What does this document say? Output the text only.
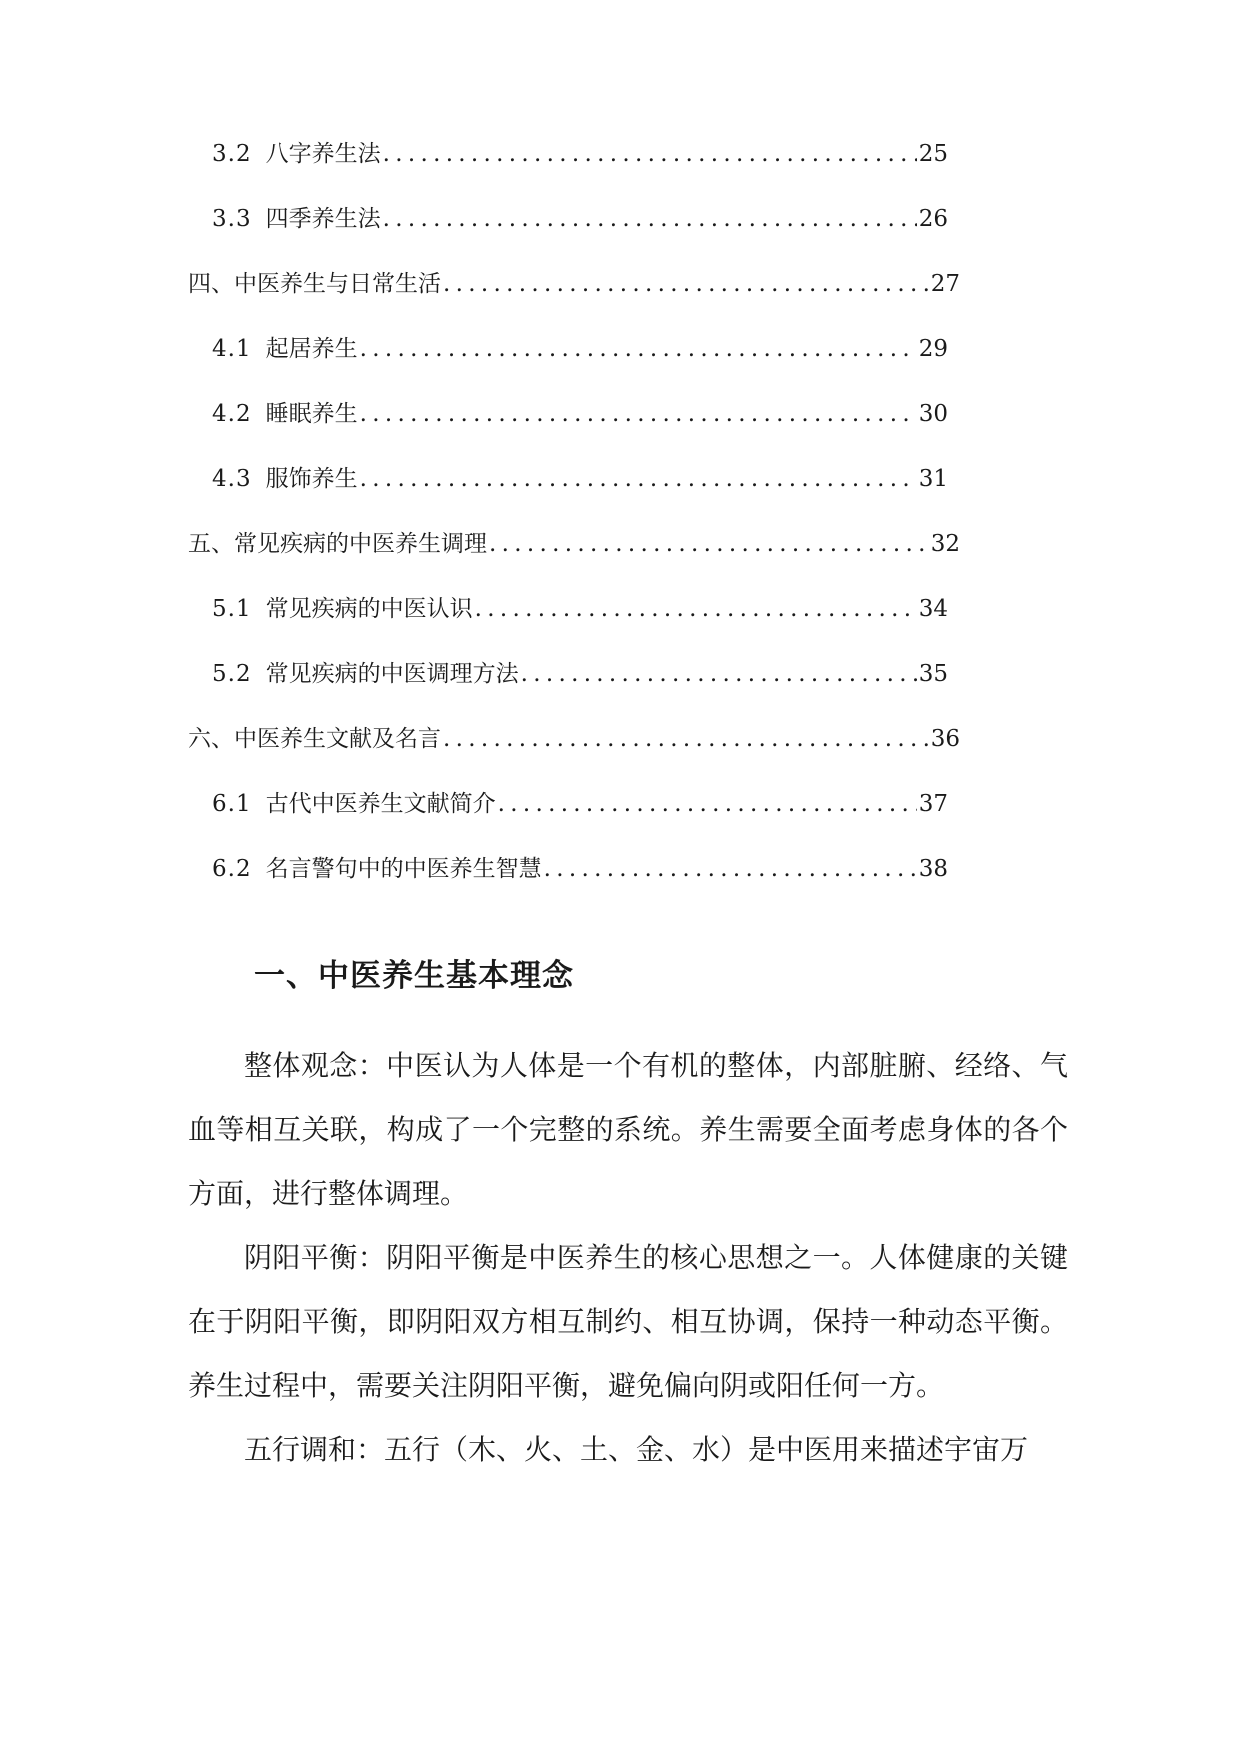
3.2 八字养生法 . . .	25
3.3 四季养生法 . . .	26
四、中医养生与日常生活 . . .	27
4.1 起居养生 . . .	29
4.2 睡眠养生 . . .	30
4.3 服饰养生 . . .	31
五、常见疾病的中医养生调理 . . .	32
5.1 常见疾病的中医认识 . . .	34
5.2 常见疾病的中医调理方法 . . .	35
六、中医养生文献及名言 . . .	36
6.1 古代中医养生文献简介 . . .	37
6.2 名言警句中的中医养生智慧 . . .	38
一、中医养生基本理念

整体观念：中医认为人体是一个有机的整体，内部脏腑、经络、气血等相互关联，构成了一个完整的系统。养生需要全面考虑身体的各个方面，进行整体调理。

阴阳平衡：阴阳平衡是中医养生的核心思想之一。人体健康的关键在于阴阳平衡，即阴阳双方相互制约、相互协调，保持一种动态平衡。养生过程中，需要关注阴阳平衡，避免偏向阴或阳任何一方。

五行调和：五行（木、火、土、金、水）是中医用来描述宇宙万
